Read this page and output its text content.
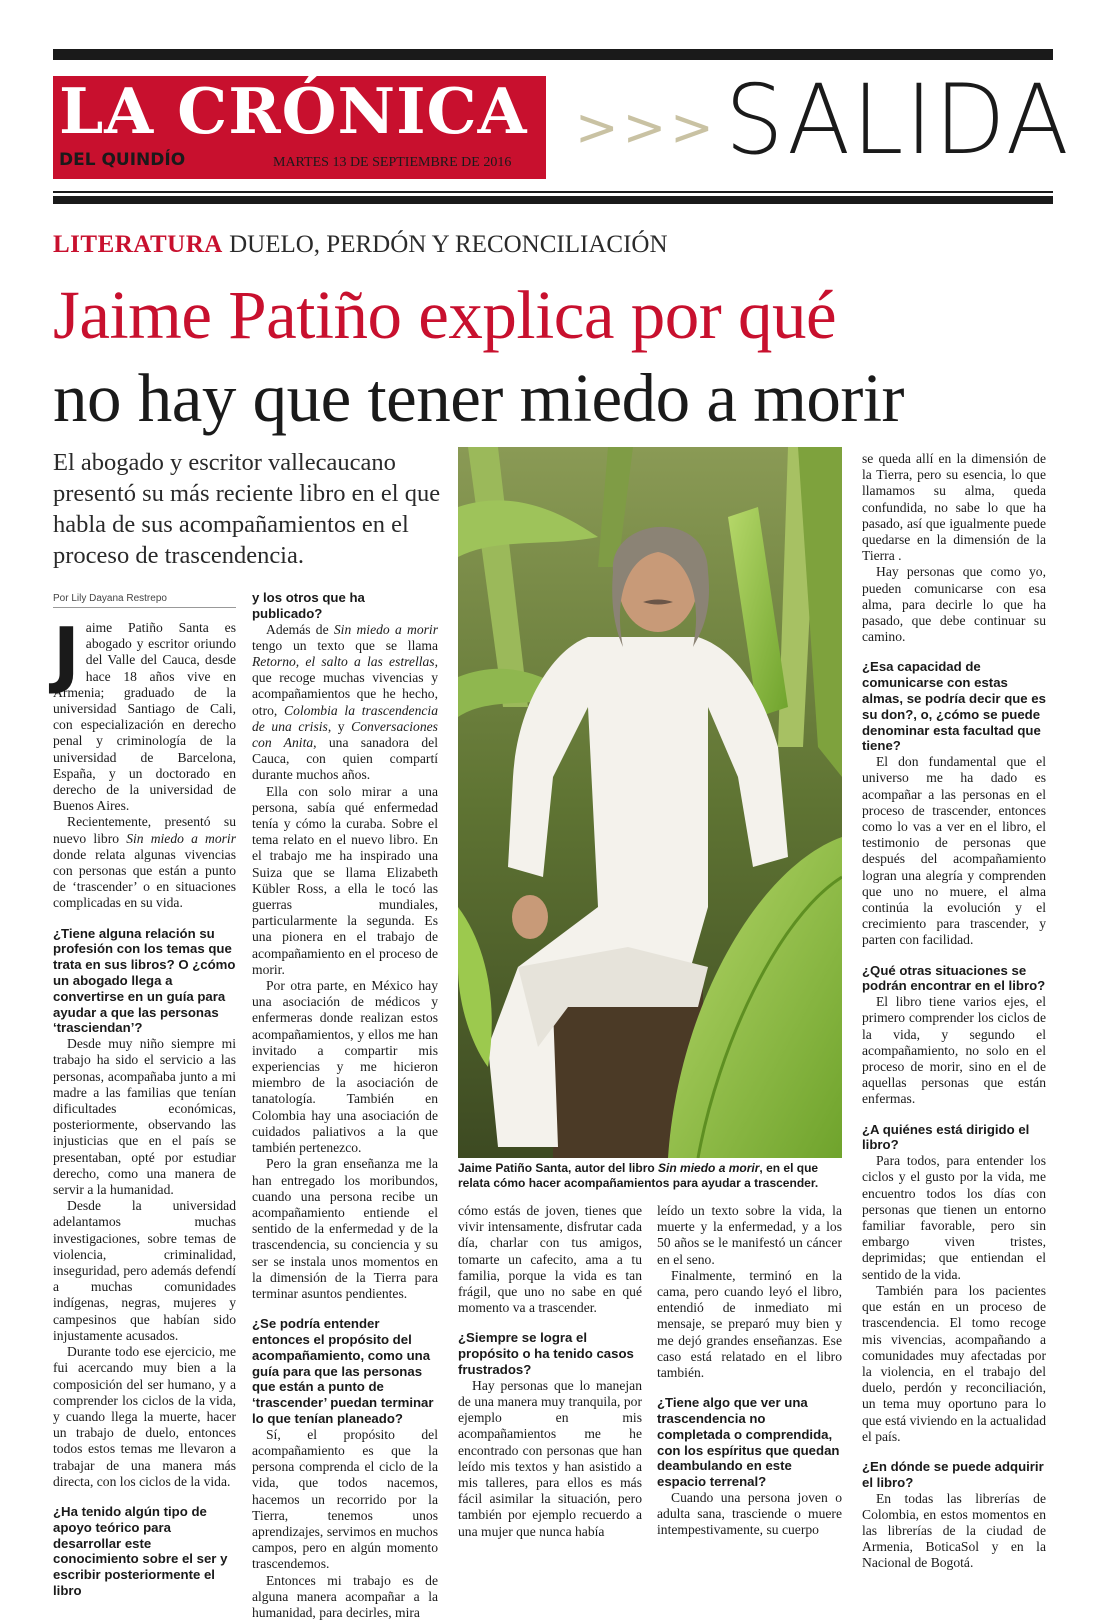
LA CRÓNICA
DEL QUINDÍO	MARTES 13 DE SEPTIEMBRE DE 2016
>>> SALIDA
LITERATURA DUELO, PERDÓN Y RECONCILIACIÓN
Jaime Patiño explica por qué
no hay que tener miedo a morir
El abogado y escritor vallecaucano presentó su más reciente libro en el que habla de sus acompañamientos en el proceso de trascendencia.
Por Lily Dayana Restrepo

Jaime Patiño Santa es abogado y escritor oriundo del Valle del Cauca, desde hace 18 años vive en Armenia; graduado de la universidad Santiago de Cali, con especialización en derecho penal y criminología de la universidad de Barcelona, España, y un doctorado en derecho de la universidad de Buenos Aires.

Recientemente, presentó su nuevo libro Sin miedo a morir donde relata algunas vivencias con personas que están a punto de ‘trascender’ o en situaciones complicadas en su vida.

¿Tiene alguna relación su profesión con los temas que trata en sus libros? O ¿cómo un abogado llega a convertirse en un guía para ayudar a que las personas ‘trasciendan’?

Desde muy niño siempre mi trabajo ha sido el servicio a las personas, acompañaba junto a mi madre a las familias que tenían dificultades económicas, posteriormente, observando las injusticias que en el país se presentaban, opté por estudiar derecho, como una manera de servir a la humanidad.

Desde la universidad adelantamos muchas investigaciones, sobre temas de violencia, criminalidad, inseguridad, pero además defendí a muchas comunidades indígenas, negras, mujeres y campesinos que habían sido injustamente acusados.

Durante todo ese ejercicio, me fui acercando muy bien a la composición del ser humano, y a comprender los ciclos de la vida, y cuando llega la muerte, hacer un trabajo de duelo, entonces todos estos temas me llevaron a trabajar de una manera más directa, con los ciclos de la vida.

¿Ha tenido algún tipo de apoyo teórico para desarrollar este conocimiento sobre el ser y escribir posteriormente el libro

y los otros que ha publicado?

Además de Sin miedo a morir tengo un texto que se llama Retorno, el salto a las estrellas, que recoge muchas vivencias y acompañamientos que he hecho, otro, Colombia la trascendencia de una crisis, y Conversaciones con Anita, una sanadora del Cauca, con quien compartí durante muchos años.

Ella con solo mirar a una persona, sabía qué enfermedad tenía y cómo la curaba. Sobre el tema relato en el nuevo libro. En el trabajo me ha inspirado una Suiza que se llama Elizabeth Kübler Ross, a ella le tocó las guerras mundiales, particularmente la segunda. Es una pionera en el trabajo de acompañamiento en el proceso de morir.

Por otra parte, en México hay una asociación de médicos y enfermeras donde realizan estos acompañamientos, y ellos me han invitado a compartir mis experiencias y me hicieron miembro de la asociación de tanatología. También en Colombia hay una asociación de cuidados paliativos a la que también pertenezco.

Pero la gran enseñanza me la han entregado los moribundos, cuando una persona recibe un acompañamiento entiende el sentido de la enfermedad y de la trascendencia, su conciencia y su ser se instala unos momentos en la dimensión de la Tierra para terminar asuntos pendientes.

¿Se podría entender entonces el propósito del acompañamiento, como una guía para que las personas que están a punto de ‘trascender’ puedan terminar lo que tenían planeado?

Sí, el propósito del acompañamiento es que la persona comprenda el ciclo de la vida, que todos nacemos, hacemos un recorrido por la Tierra, tenemos unos aprendizajes, servimos en muchos campos, pero en algún momento trascendemos.

Entonces mi trabajo es de alguna manera acompañar a la humanidad, para decirles, mira

Jaime Patiño Santa, autor del libro Sin miedo a morir, en el que relata cómo hacer acompañamientos para ayudar a trascender.

cómo estás de joven, tienes que vivir intensamente, disfrutar cada día, charlar con tus amigos, tomarte un cafecito, ama a tu familia, porque la vida es tan frágil, que uno no sabe en qué momento va a trascender.

¿Siempre se logra el propósito o ha tenido casos frustrados?

Hay personas que lo manejan de una manera muy tranquila, por ejemplo en mis acompañamientos me he encontrado con personas que han leído mis textos y han asistido a mis talleres, para ellos es más fácil asimilar la situación, pero también por ejemplo recuerdo a una mujer que nunca había

leído un texto sobre la vida, la muerte y la enfermedad, y a los 50 años se le manifestó un cáncer en el seno.

Finalmente, terminó en la cama, pero cuando leyó el libro, entendió de inmediato mi mensaje, se preparó muy bien y me dejó grandes enseñanzas. Ese caso está relatado en el libro también.

¿Tiene algo que ver una trascendencia no completada o comprendida, con los espíritus que quedan deambulando en este espacio terrenal?

Cuando una persona joven o adulta sana, trasciende o muere intempestivamente, su cuerpo

se queda allí en la dimensión de la Tierra, pero su esencia, lo que llamamos su alma, queda confundida, no sabe lo que ha pasado, así que igualmente puede quedarse en la dimensión de la Tierra .

Hay personas que como yo, pueden comunicarse con esa alma, para decirle lo que ha pasado, que debe continuar su camino.

¿Esa capacidad de comunicarse con estas almas, se podría decir que es su don?, o, ¿cómo se puede denominar esta facultad que tiene?

El don fundamental que el universo me ha dado es acompañar a las personas en el proceso de trascender, entonces como lo vas a ver en el libro, el testimonio de personas que después del acompañamiento logran una alegría y comprenden que uno no muere, el alma continúa la evolución y el crecimiento para trascender, y parten con facilidad.

¿Qué otras situaciones se podrán encontrar en el libro?

El libro tiene varios ejes, el primero comprender los ciclos de la vida, y segundo el acompañamiento, no solo en el proceso de morir, sino en el de aquellas personas que están enfermas.

¿A quiénes está dirigido el libro?

Para todos, para entender los ciclos y el gusto por la vida, me encuentro todos los días con personas que tienen un entorno familiar favorable, pero sin embargo viven tristes, deprimidas; que entiendan el sentido de la vida.

También para los pacientes que están en un proceso de trascendencia. El tomo recoge mis vivencias, acompañando a comunidades muy afectadas por la violencia, en el trabajo del duelo, perdón y reconciliación, un tema muy oportuno para lo que está viviendo en la actualidad el país.

¿En dónde se puede adquirir el libro?

En todas las librerías de Colombia, en estos momentos en las librerías de la ciudad de Armenia, BoticaSol y en la Nacional de Bogotá.
